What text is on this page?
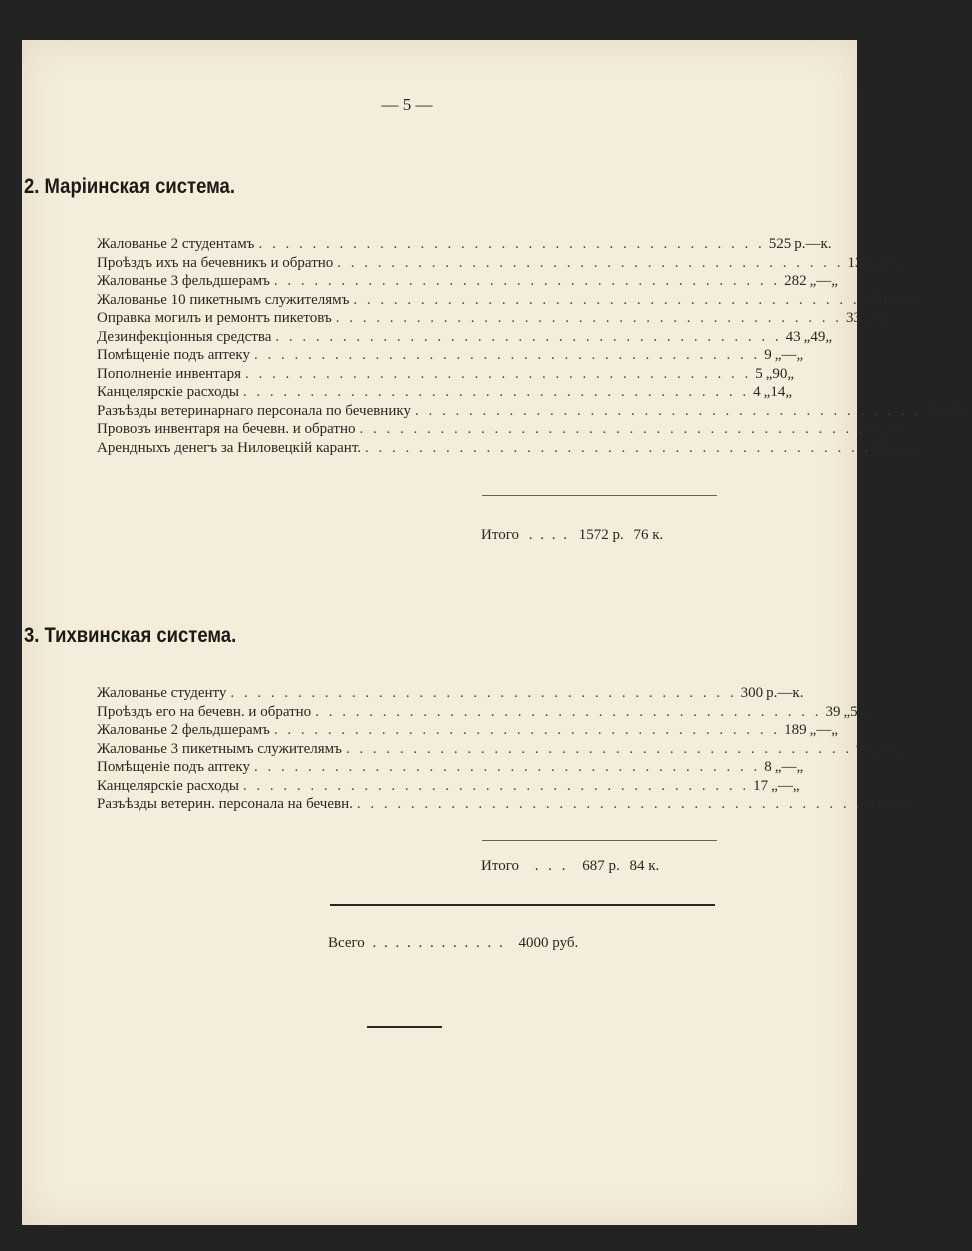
— 5 —
2. Маріинская система.
Жалованье 2 студентамъ . . . . . . . . . . . . . . . . . . . . . . . . . . . . . . . . . . . . . . 525 р. — к.
Проѣздъ ихъ на бечевникъ и обратно . . . . . . . . . . . . . . . . . . . . . . . . . . . . . . . . . . . . . . 135 „ 97 „
Жалованье 3 фельдшерамъ . . . . . . . . . . . . . . . . . . . . . . . . . . . . . . . . . . . . . . 282 „ — „
Жалованье 10 пикетнымъ служителямъ . . . . . . . . . . . . . . . . . . . . . . . . . . . . . . . . . . . . . . 450 „ — „
Оправка могилъ и ремонтъ пикетовъ . . . . . . . . . . . . . . . . . . . . . . . . . . . . . . . . . . . . . . 33 „ 97 „
Дезинфекціонныя средства . . . . . . . . . . . . . . . . . . . . . . . . . . . . . . . . . . . . . . 43 „ 49 „
Помѣщеніе подъ аптеку . . . . . . . . . . . . . . . . . . . . . . . . . . . . . . . . . . . . . . 9 „ — „
Пополненіе инвентаря . . . . . . . . . . . . . . . . . . . . . . . . . . . . . . . . . . . . . . 5 „ 90 „
Канцелярскіе расходы . . . . . . . . . . . . . . . . . . . . . . . . . . . . . . . . . . . . . . 4 „ 14 „
Разъѣзды ветеринарнаго персонала по бечевнику . . . . . . . . . . . . . . . . . . . . . . . . . . . . . . . . . . . . . . 59 „ 29 „
Провозъ инвентаря на бечевн. и обратно . . . . . . . . . . . . . . . . . . . . . . . . . . . . . . . . . . . . . . 8 „ — „
Арендныхъ денегъ за Ниловецкій карант. . . . . . . . . . . . . . . . . . . . . . . . . . . . . . . . . . . . . . . 16 „ — „
Итого . . . . 1572 р. 76 к.
3. Тихвинская система.
Жалованье студенту . . . . . . . . . . . . . . . . . . . . . . . . . . . . . . . . . . . . . . 300 р. — к.
Проѣздъ его на бечевн. и обратно . . . . . . . . . . . . . . . . . . . . . . . . . . . . . . . . . . . . . . 39 „ 54 „
Жалованье 2 фельдшерамъ . . . . . . . . . . . . . . . . . . . . . . . . . . . . . . . . . . . . . . 189 „ — „
Жалованье 3 пикетнымъ служителямъ . . . . . . . . . . . . . . . . . . . . . . . . . . . . . . . . . . . . . . 90 „ — „
Помѣщеніе подъ аптеку . . . . . . . . . . . . . . . . . . . . . . . . . . . . . . . . . . . . . . 8 „ — „
Канцелярскіе расходы . . . . . . . . . . . . . . . . . . . . . . . . . . . . . . . . . . . . . . 17 „ — „
Разъѣзды ветерин. персонала на бечевн. . . . . . . . . . . . . . . . . . . . . . . . . . . . . . . . . . . . . . . 44 „ 30 „
Итого . . . 687 р. 84 к.
Всего . . . . . . . . . . . . 4000 руб.
